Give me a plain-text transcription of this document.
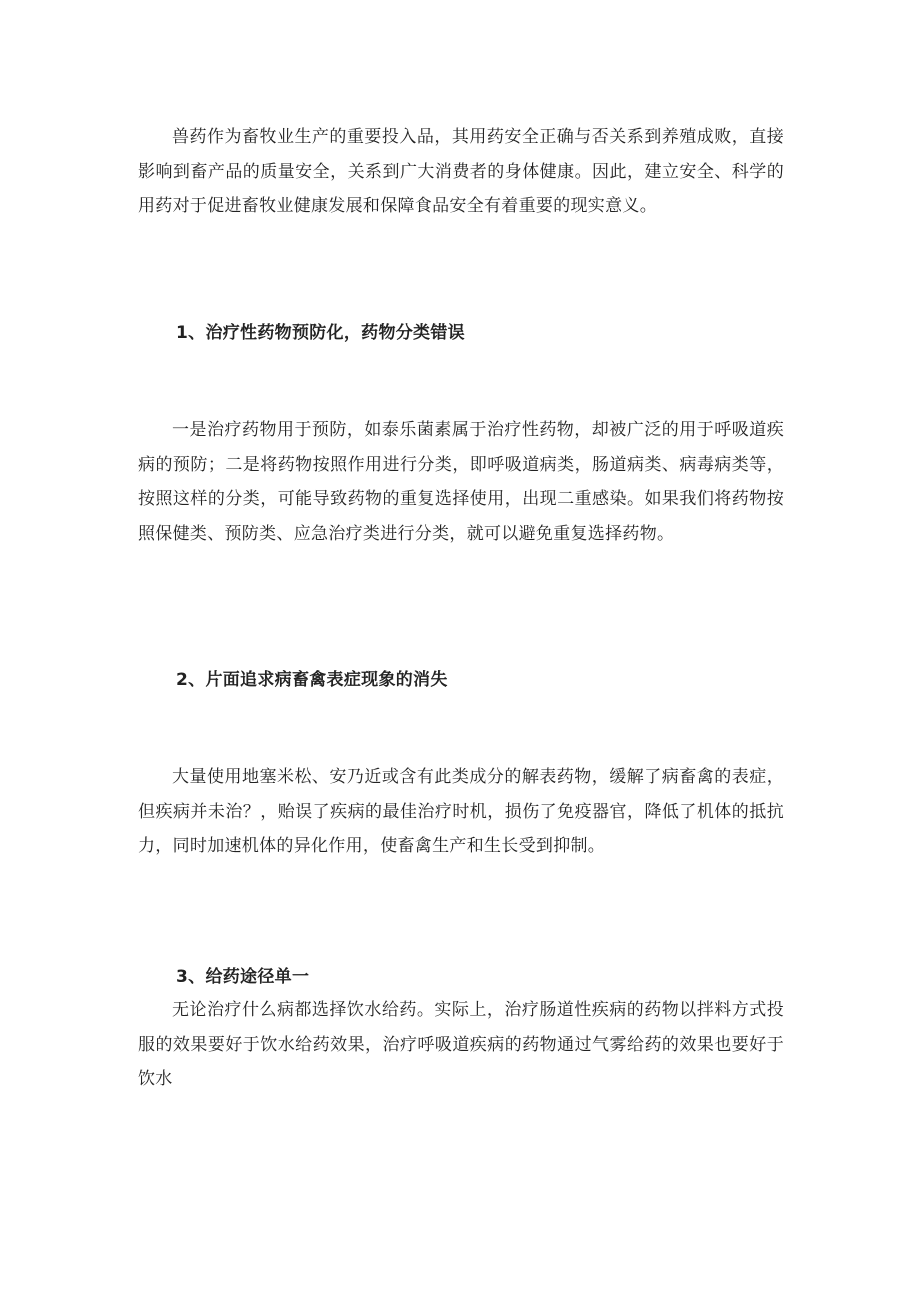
兽药作为畜牧业生产的重要投入品，其用药安全正确与否关系到养殖成败，直接影响到畜产品的质量安全，关系到广大消费者的身体健康。因此，建立安全、科学的用药对于促进畜牧业健康发展和保障食品安全有着重要的现实意义。

1、治疗性药物预防化，药物分类错误

一是治疗药物用于预防，如泰乐菌素属于治疗性药物，却被广泛的用于呼吸道疾病的预防；二是将药物按照作用进行分类，即呼吸道病类，肠道病类、病毒病类等，按照这样的分类，可能导致药物的重复选择使用，出现二重感染。如果我们将药物按照保健类、预防类、应急治疗类进行分类，就可以避免重复选择药物。

2、片面追求病畜禽表症现象的消失

大量使用地塞米松、安乃近或含有此类成分的解表药物，缓解了病畜禽的表症，但疾病并未治？，贻误了疾病的最佳治疗时机，损伤了免疫器官，降低了机体的抵抗力，同时加速机体的异化作用，使畜禽生产和生长受到抑制。

3、给药途径单一

无论治疗什么病都选择饮水给药。实际上，治疗肠道性疾病的药物以拌料方式投服的效果要好于饮水给药效果，治疗呼吸道疾病的药物通过气雾给药的效果也要好于饮水
